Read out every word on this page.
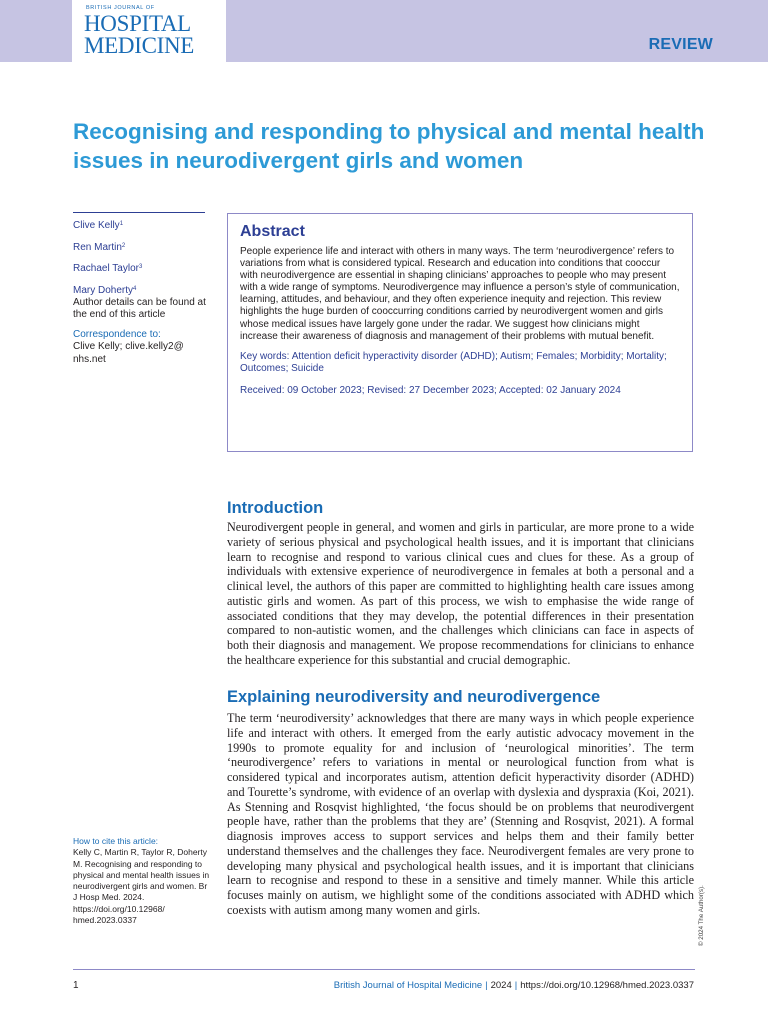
BRITISH JOURNAL OF
HOSPITAL
MEDICINE	REVIEW
Recognising and responding to physical and mental health issues in neurodivergent girls and women
Clive Kelly$^1$
Ren Martin$^2$
Rachael Taylor$^3$
Mary Doherty$^4$
Author details can be found at the end of this article
Correspondence to:
Clive Kelly; clive.kelly2@ nhs.net
Abstract

People experience life and interact with others in many ways. The term ‘neurodivergence’ refers to variations from what is considered typical. Research and education into conditions that cooccur with neurodivergence are essential in shaping clinicians’ approaches to people who may present with a wide range of symptoms. Neurodivergence may influence a person’s style of communication, learning, attitudes, and behaviour, and they often experience inequity and rejection. This review highlights the huge burden of cooccurring conditions carried by neurodivergent women and girls whose medical issues have largely gone under the radar. We suggest how clinicians might increase their awareness of diagnosis and management of their problems with mutual benefit.

Key words: Attention deficit hyperactivity disorder (ADHD); Autism; Females; Morbidity; Mortality; Outcomes; Suicide

Received: 09 October 2023; Revised: 27 December 2023; Accepted: 02 January 2024

Introduction

Neurodivergent people in general, and women and girls in particular, are more prone to a wide variety of serious physical and psychological health issues, and it is important that clinicians learn to recognise and respond to various clinical cues and clues for these. As a group of individuals with extensive experience of neurodivergence in females at both a personal and a clinical level, the authors of this paper are committed to highlighting health care issues among autistic girls and women. As part of this process, we wish to emphasise the wide range of associated conditions that they may develop, the potential differences in their presentation compared to non-autistic women, and the challenges which clinicians can face in aspects of both their diagnosis and management. We propose recommendations for clinicians to enhance the healthcare experience for this substantial and crucial demographic.

Explaining neurodiversity and neurodivergence

The term ‘neurodiversity’ acknowledges that there are many ways in which people experience life and interact with others. It emerged from the early autistic advocacy movement in the 1990s to promote equality for and inclusion of ‘neurological minorities’. The term ‘neurodivergence’ refers to variations in mental or neurological function from what is considered typical and incorporates autism, attention deficit hyperactivity disorder (ADHD) and Tourette’s syndrome, with evidence of an overlap with dyslexia and dyspraxia (Koi, 2021). As Stenning and Rosqvist highlighted, ‘the focus should be on problems that neurodivergent people have, rather than the problems that they are’ (Stenning and Rosqvist, 2021). A formal diagnosis improves access to support services and helps them and their family better understand themselves and the challenges they face. Neurodivergent females are very prone to developing many physical and psychological health issues, and it is important that clinicians learn to recognise and respond to these in a sensitive and timely manner. While this article focuses mainly on autism, we highlight some of the conditions associated with ADHD which coexists with autism among many women and girls.

How to cite this article:
Kelly C, Martin R, Taylor R, Doherty M. Recognising and responding to physical and mental health issues in neurodivergent girls and women. Br J Hosp Med. 2024. https://doi.org/10.12968/ hmed.2023.0337	© 2024 The Author(s).
1	British Journal of Hospital Medicine | 2024 | https://doi.org/10.12968/hmed.2023.0337
